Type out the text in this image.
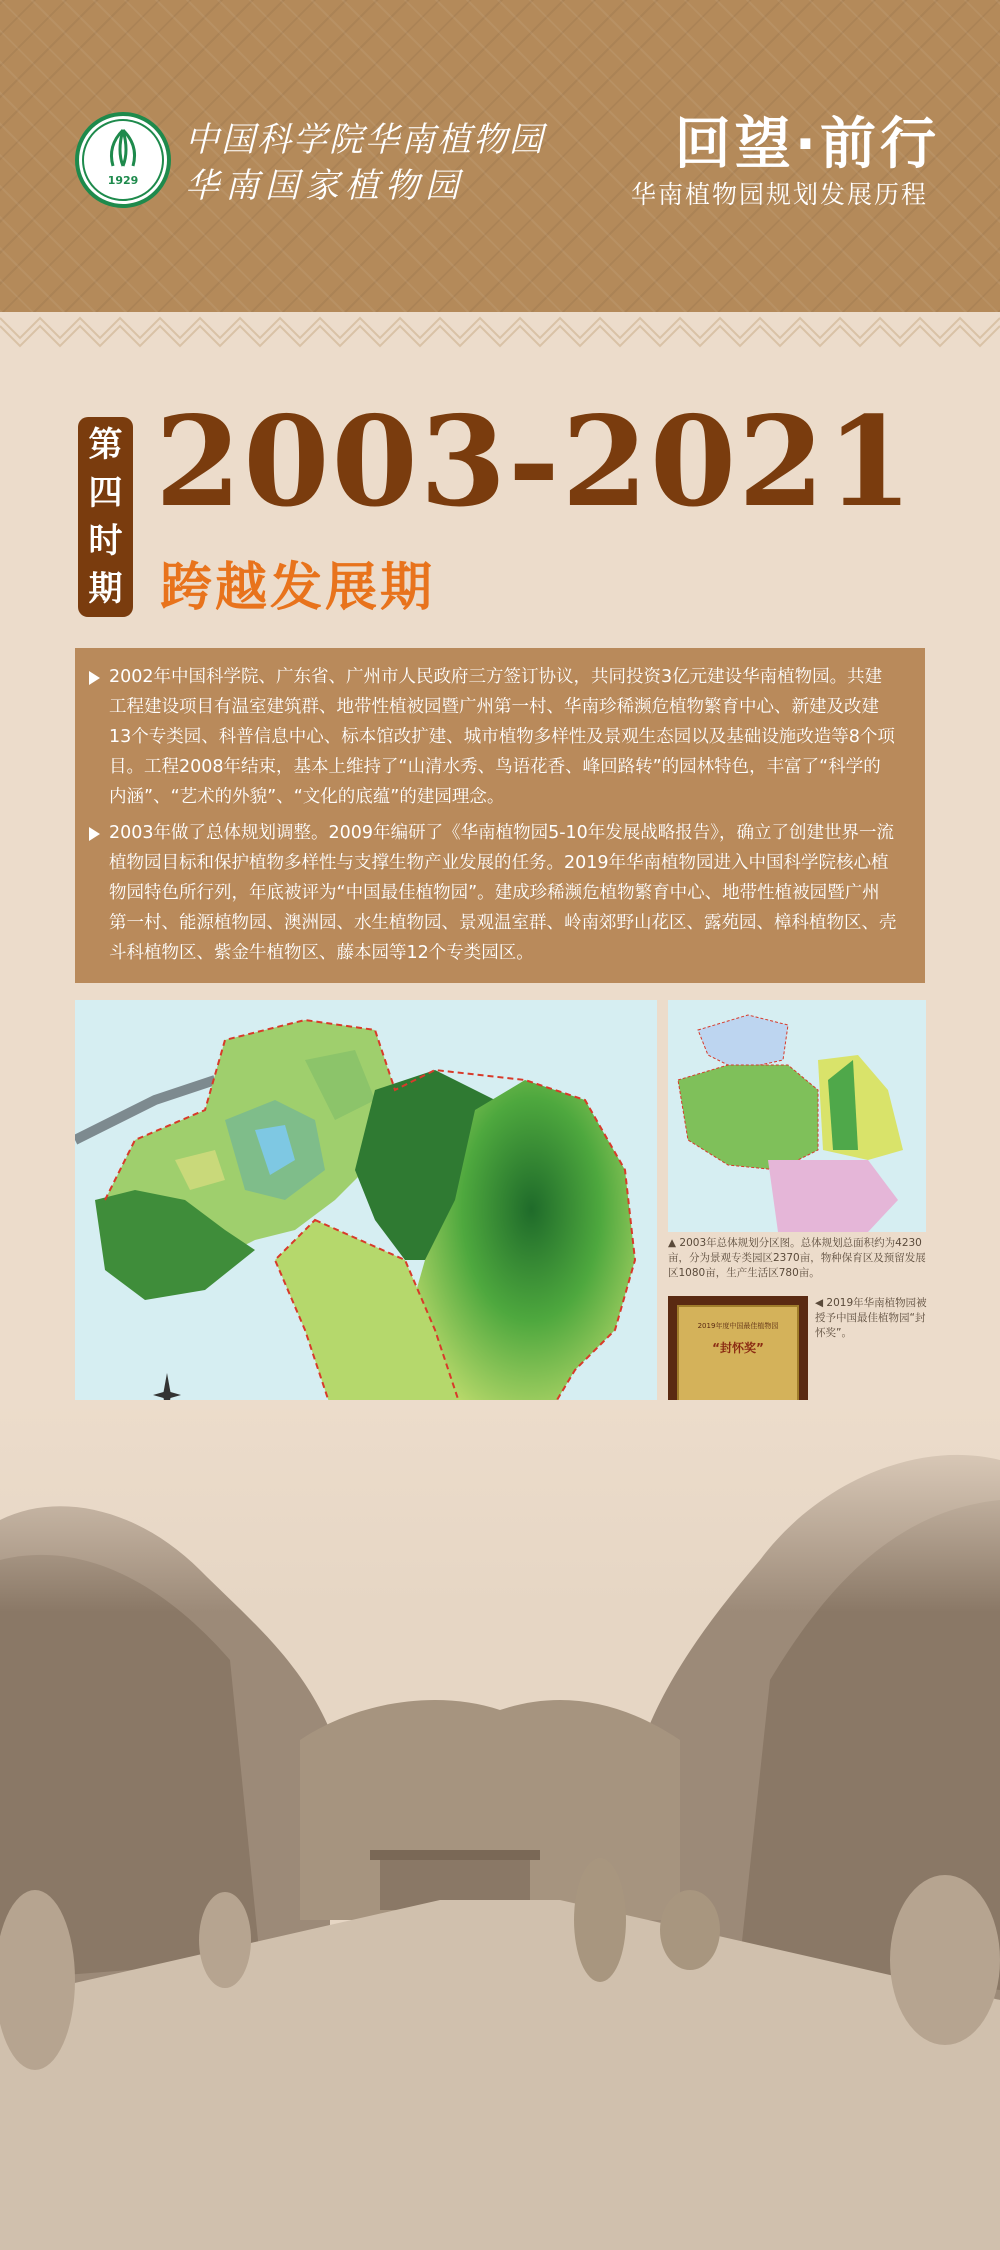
1929
中国科学院华南植物园
华南国家植物园
回望·前行
华南植物园规划发展历程
第
四
时
期
2003-2021
跨越发展期

2002年中国科学院、广东省、广州市人民政府三方签订协议，共同投资3亿元建设华南植物园。共建工程建设项目有温室建筑群、地带性植被园暨广州第一村、华南珍稀濒危植物繁育中心、新建及改建13个专类园、科普信息中心、标本馆改扩建、城市植物多样性及景观生态园以及基础设施改造等8个项目。工程2008年结束，基本上维持了“山清水秀、鸟语花香、峰回路转”的园林特色，丰富了“科学的内涵”、“艺术的外貌”、“文化的底蕴”的建园理念。

2003年做了总体规划调整。2009年编研了《华南植物园5-10年发展战略报告》，确立了创建世界一流植物园目标和保护植物多样性与支撑生物产业发展的任务。2019年华南植物园进入中国科学院核心植物园特色所行列，年底被评为“中国最佳植物园”。建成珍稀濒危植物繁育中心、地带性植被园暨广州第一村、能源植物园、澳洲园、水生植物园、景观温室群、岭南郊野山花区、露苑园、樟科植物区、壳斗科植物区、紫金牛植物区、藤本园等12个专类园区。

▲ 2003年总体规划分区图。总体规划总面积约为4230亩，分为景观专类园区2370亩，物种保育区及预留发展区1080亩，生产生活区780亩。
2019年度中国最佳植物园
“封怀奖”
◀ 2019年华南植物园被授予中国最佳植物园“封怀奖”。
